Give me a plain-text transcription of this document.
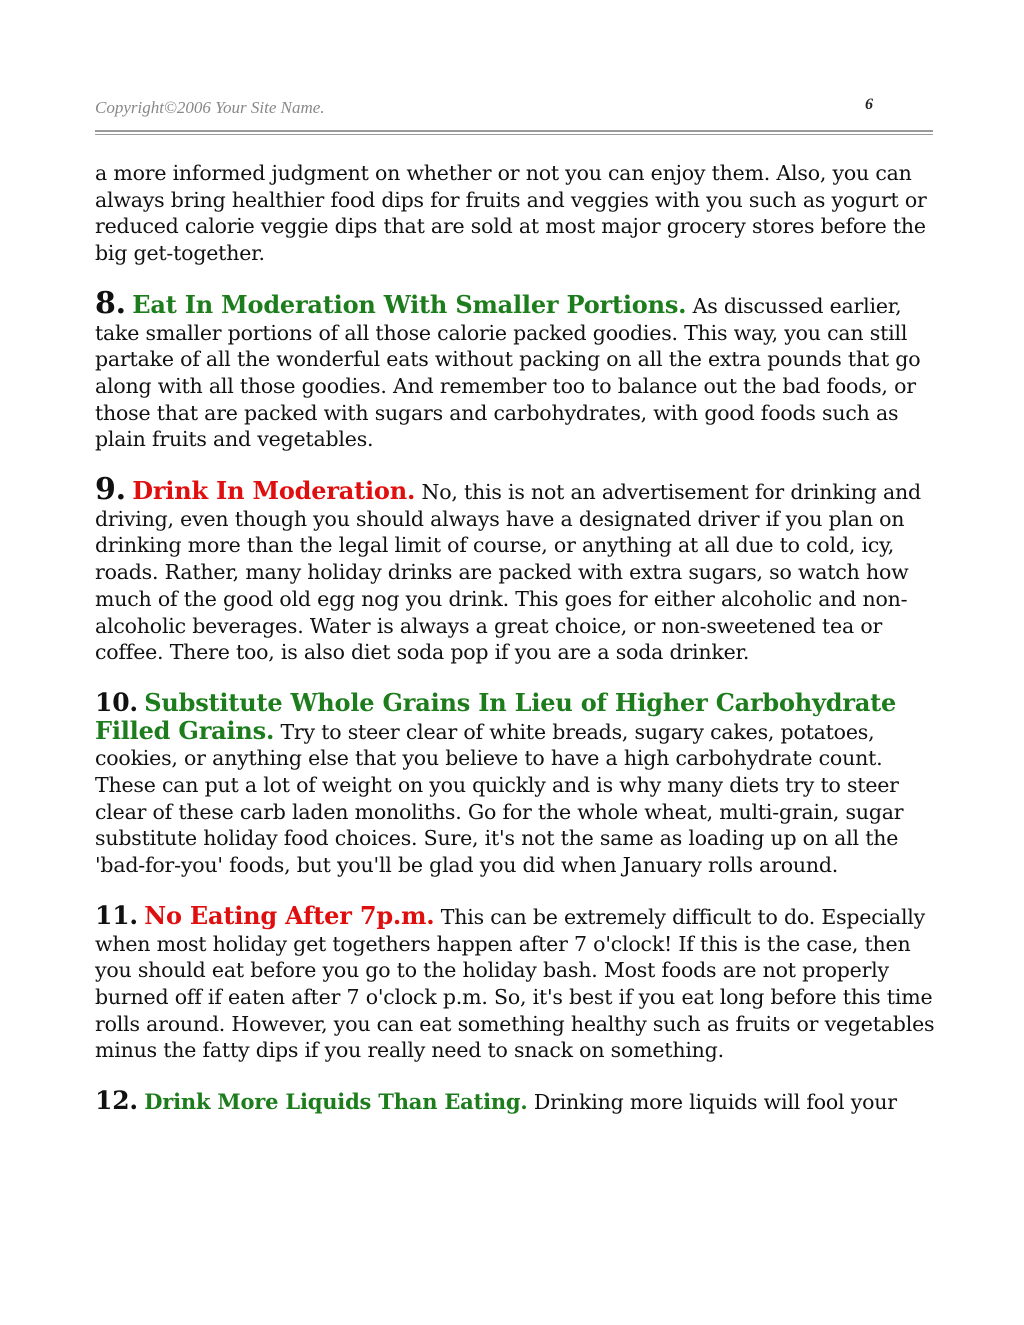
Copyright©2006 Your Site Name.	6

a more informed judgment on whether or not you can enjoy them. Also, you can always bring healthier food dips for fruits and veggies with you such as yogurt or reduced calorie veggie dips that are sold at most major grocery stores before the big get-together.

8. Eat In Moderation With Smaller Portions. As discussed earlier, take smaller portions of all those calorie packed goodies. This way, you can still partake of all the wonderful eats without packing on all the extra pounds that go along with all those goodies. And remember too to balance out the bad foods, or those that are packed with sugars and carbohydrates, with good foods such as plain fruits and vegetables.

9. Drink In Moderation. No, this is not an advertisement for drinking and driving, even though you should always have a designated driver if you plan on drinking more than the legal limit of course, or anything at all due to cold, icy, roads. Rather, many holiday drinks are packed with extra sugars, so watch how much of the good old egg nog you drink. This goes for either alcoholic and non-alcoholic beverages. Water is always a great choice, or non-sweetened tea or coffee. There too, is also diet soda pop if you are a soda drinker.

10. Substitute Whole Grains In Lieu of Higher Carbohydrate Filled Grains. Try to steer clear of white breads, sugary cakes, potatoes, cookies, or anything else that you believe to have a high carbohydrate count. These can put a lot of weight on you quickly and is why many diets try to steer clear of these carb laden monoliths. Go for the whole wheat, multi-grain, sugar substitute holiday food choices. Sure, it's not the same as loading up on all the 'bad-for-you' foods, but you'll be glad you did when January rolls around.

11. No Eating After 7p.m. This can be extremely difficult to do. Especially when most holiday get togethers happen after 7 o'clock! If this is the case, then you should eat before you go to the holiday bash. Most foods are not properly burned off if eaten after 7 o'clock p.m. So, it's best if you eat long before this time rolls around. However, you can eat something healthy such as fruits or vegetables minus the fatty dips if you really need to snack on something.

12. Drink More Liquids Than Eating. Drinking more liquids will fool your
